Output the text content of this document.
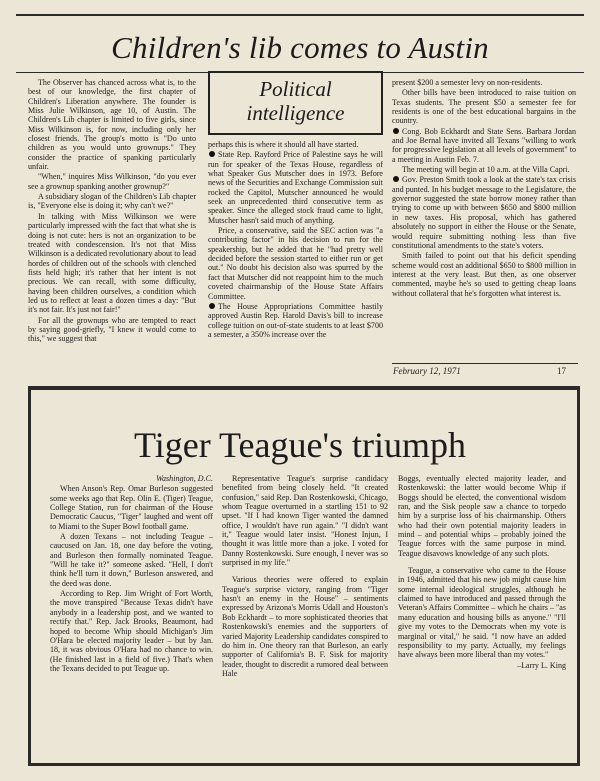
Children's lib comes to Austin

The Observer has chanced across what is, to the best of our knowledge, the first chapter of Children's Liberation anywhere. The founder is Miss Julie Wilkinson, age 10, of Austin. The Children's Lib chapter is limited to five girls, since Miss Wilkinson is, for now, including only her closest friends. The group's motto is "Do unto children as you would unto grownups." They consider the practice of spanking particularly unfair.

"When," inquires Miss Wilkinson, "do you ever see a grownup spanking another grownup?"

A subsidiary slogan of the Children's Lib chapter is, "Everyone else is doing it; why can't we?"

In talking with Miss Wilkinson we were particularly impressed with the fact that what she is doing is not cute: hers is not an organization to be treated with condescension. It's not that Miss Wilkinson is a dedicated revolutionary about to lead hordes of children out of the schools with clenched fists held high; it's rather that her intent is not precious. We can recall, with some difficulty, having been children ourselves, a condition which led us to reflect at least a dozen times a day: "But it's not fair. It's just not fair!"

For all the grownups who are tempted to react by saying good-griefly, "I knew it would come to this," we suggest that

Political intelligence

perhaps this is where it should all have started.

State Rep. Rayford Price of Palestine says he will run for speaker of the Texas House, regardless of what Speaker Gus Mutscher does in 1973. Before news of the Securities and Exchange Commission suit rocked the Capitol, Mutscher announced he would seek an unprecedented third consecutive term as speaker. Since the alleged stock fraud came to light, Mutscher hasn't said much of anything.

Price, a conservative, said the SEC action was "a contributing factor" in his decision to run for the speakership, but he added that he "had pretty well decided before the session started to either run or get out." No doubt his decision also was spurred by the fact that Mutscher did not reappoint him to the much coveted chairmanship of the House State Affairs Committee.

The House Appropriations Committee hastily approved Austin Rep. Harold Davis's bill to increase college tuition on out-of-state students to at least $700 a semester, a 350% increase over the

present $200 a semester levy on non-residents.

Other bills have been introduced to raise tuition on Texas students. The present $50 a semester fee for residents is one of the best educational bargains in the country.

Cong. Bob Eckhardt and State Sens. Barbara Jordan and Joe Bernal have invited all Texans "willing to work for progressive legislation at all levels of government" to a meeting in Austin Feb. 7.

The meeting will begin at 10 a.m. at the Villa Capri.

Gov. Preston Smith took a look at the state's tax crisis and punted. In his budget message to the Legislature, the governor suggested the state borrow money rather than trying to come up with between $650 and $800 million in new taxes. His proposal, which has gathered absolutely no support in either the House or the Senate, would require submitting nothing less than five constitutional amendments to the state's voters.

Smith failed to point out that his deficit spending scheme would cost an additional $650 to $800 million in interest at the very least. But then, as one observer commented, maybe he's so used to getting cheap loans without collateral that he's forgotten what interest is.

February 12, 1971	17
Tiger Teague's triumph

Washington, D.C.

When Anson's Rep. Omar Burleson suggested some weeks ago that Rep. Olin E. (Tiger) Teague, College Station, run for chairman of the House Democratic Caucus, "Tiger" laughed and went off to Miami to the Super Bowl football game.

A dozen Texans – not including Teague – caucused on Jan. 18, one day before the voting, and Burleson then formally nominated Teague. "Will he take it?" someone asked. "Hell, I don't think he'll turn it down," Burleson answered, and the deed was done.

According to Rep. Jim Wright of Fort Worth, the move transpired "Because Texas didn't have anybody in a leadership post, and we wanted to rectify that." Rep. Jack Brooks, Beaumont, had hoped to become Whip should Michigan's Jim O'Hara be elected majority leader – but by Jan. 18, it was obvious O'Hara had no chance to win. (He finished last in a field of five.) That's when the Texans decided to put Teague up.

Representative Teague's surprise candidacy benefited from being closely held. "It created confusion," said Rep. Dan Rostenkowski, Chicago, whom Teague overturned in a startling 151 to 92 upset. "If I had known Tiger wanted the damned office, I wouldn't have run again." "I didn't want it," Teague would later insist. "Honest Injun, I thought it was little more than a joke. I voted for Danny Rostenkowski. Sure enough, I never was so surprised in my life."

Various theories were offered to explain Teague's surprise victory, ranging from "Tiger hasn't an enemy in the House" – sentiments expressed by Arizona's Morris Udall and Houston's Bob Eckhardt – to more sophisticated theories that Rostenkowski's enemies and the supporters of varied Majority Leadership candidates conspired to do him in. One theory ran that Burleson, an early supporter of California's B. F. Sisk for majority leader, thought to discredit a rumored deal between Hale

Boggs, eventually elected majority leader, and Rostenkowski: the latter would become Whip if Boggs should be elected, the conventional wisdom ran, and the Sisk people saw a chance to torpedo him by a surprise loss of his chairmanship. Others who had their own potential majority leaders in mind – and potential whips – probably joined the Teague forces with the same purpose in mind. Teague disavows knowledge of any such plots.

Teague, a conservative who came to the House in 1946, admitted that his new job might cause him some internal ideological struggles, although he claimed to have introduced and passed through the Veteran's Affairs Committee – which he chairs – "as many education and housing bills as anyone." "I'll give my votes to the Democrats when my vote is marginal or vital," he said. "I now have an added responsibility to my party. Actually, my feelings have always been more liberal than my votes."

–Larry L. King
